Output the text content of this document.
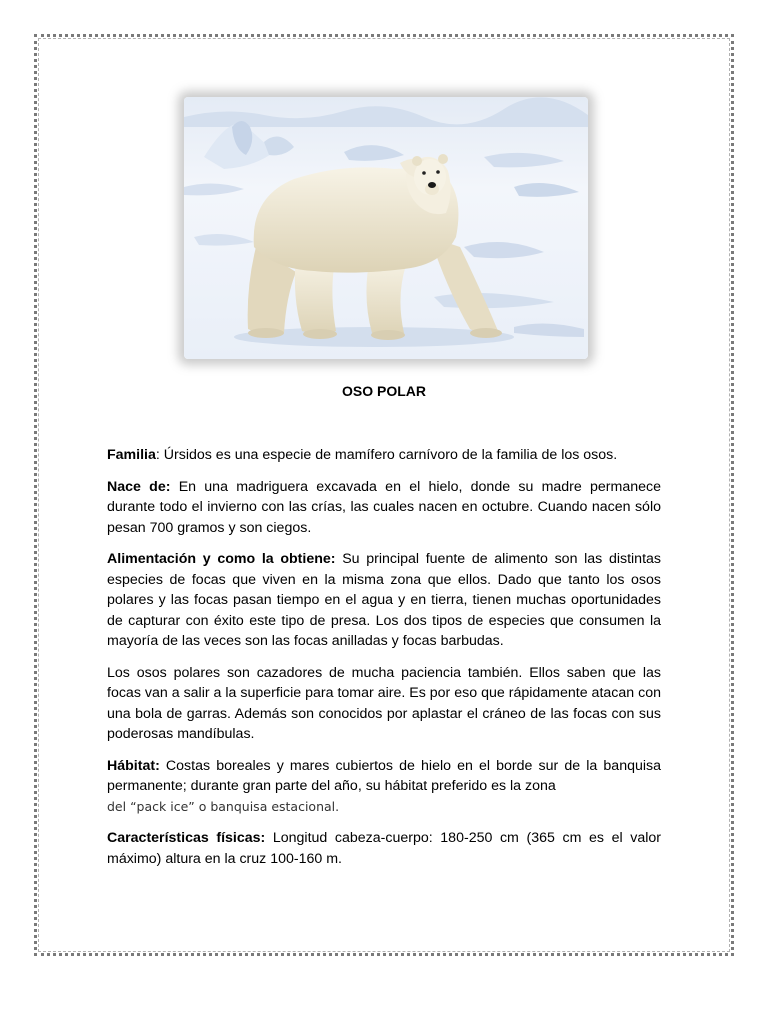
OSO POLAR

Familia: Úrsidos es una especie de mamífero carnívoro de la familia de los osos.

Nace de: En una madriguera excavada en el hielo, donde su madre permanece durante todo el invierno con las crías, las cuales nacen en octubre. Cuando nacen sólo pesan 700 gramos y son ciegos.

Alimentación y como la obtiene: Su principal fuente de alimento son las distintas especies de focas que viven en la misma zona que ellos. Dado que tanto los osos polares y las focas pasan tiempo en el agua y en tierra, tienen muchas oportunidades de capturar con éxito este tipo de presa. Los dos tipos de especies que consumen la mayoría de las veces son las focas anilladas y focas barbudas.

Los osos polares son cazadores de mucha paciencia también. Ellos saben que las focas van a salir a la superficie para tomar aire. Es por eso que rápidamente atacan con una bola de garras. Además son conocidos por aplastar el cráneo de las focas con sus poderosas mandíbulas.

Hábitat: Costas boreales y mares cubiertos de hielo en el borde sur de la banquisa permanente; durante gran parte del año, su hábitat preferido es la zona
del “pack ice” o banquisa estacional.

Características físicas: Longitud cabeza-cuerpo: 180-250 cm (365 cm es el valor máximo) altura en la cruz 100-160 m.
